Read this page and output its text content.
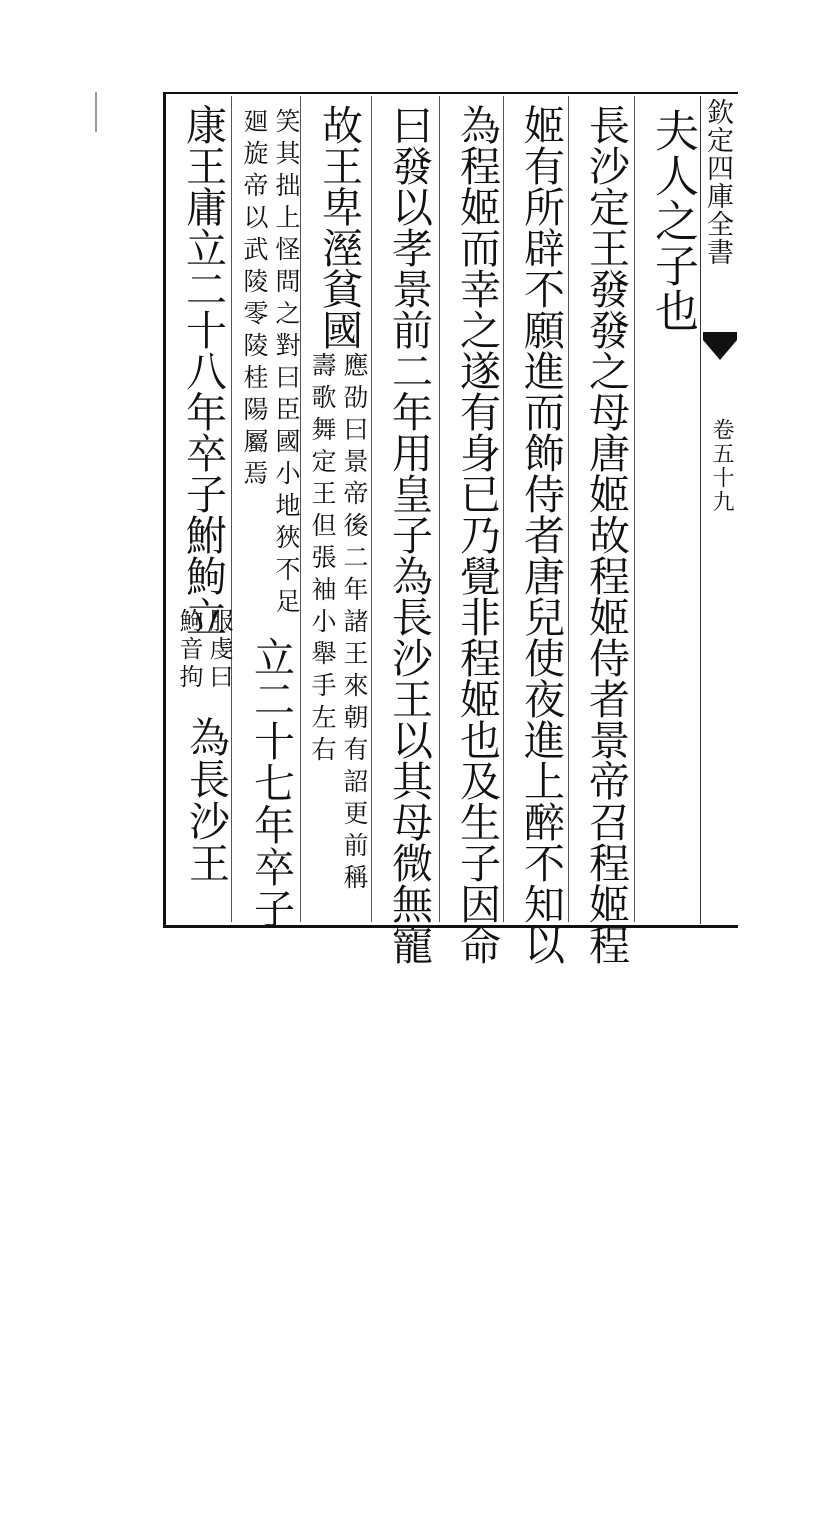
欽定四庫全書
卷五十九
夫人之子也
長沙定王發發之母唐姬故程姬侍者景帝召程姬程
姬有所辟不願進而飾侍者唐兒使夜進上醉不知以
為程姬而幸之遂有身已乃覺非程姬也及生子因命
曰發以孝景前二年用皇子為長沙王以其母微無寵
故王卑溼貧國
應劭曰景帝後二年諸王來朝有詔更前稱壽歌舞定王但張袖小舉手左右
笑其拙上怪問之對曰臣國小地狹不足廻旋帝以武陵零陵桂陽屬焉
立二十七年卒子
康王庸立二十八年卒子鮒鮈立
服虔曰鮈音拘
為長沙王
